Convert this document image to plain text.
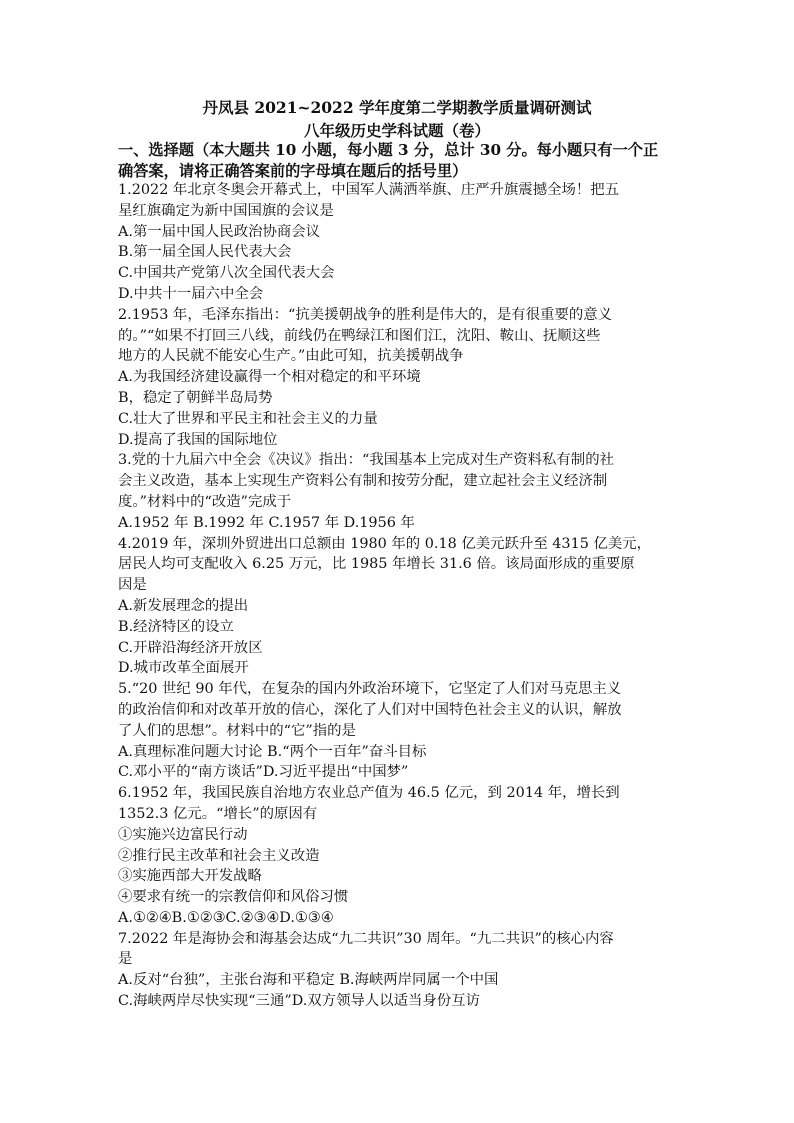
丹凤县 2021~2022 学年度第二学期教学质量调研测试
八年级历史学科试题（卷）
一、选择题（本大题共 10 小题，每小题 3 分，总计 30 分。每小题只有一个正
确答案，请将正确答案前的字母填在题后的括号里）
1.2022 年北京冬奥会开幕式上，中国军人满洒举旗、庄严升旗震撼全场！把五
星红旗确定为新中国国旗的会议是
A.第一届中国人民政治协商会议
B.第一届全国人民代表大会
C.中国共产党第八次全国代表大会
D.中共十一届六中全会
2.1953 年，毛泽东指出：“抗美援朝战争的胜利是伟大的，是有很重要的意义
的。”“如果不打回三八线，前线仍在鸭绿江和图们江，沈阳、鞍山、抚顺这些
地方的人民就不能安心生产。”由此可知，抗美援朝战争
A.为我国经济建设赢得一个相对稳定的和平环境
B，稳定了朝鲜半岛局势
C.壮大了世界和平民主和社会主义的力量
D.提高了我国的国际地位
3.党的十九届六中全会《决议》指出：“我国基本上完成对生产资料私有制的社
会主义改造，基本上实现生产资料公有制和按劳分配，建立起社会主义经济制
度。”材料中的“改造”完成于
A.1952 年 B.1992 年 C.1957 年 D.1956 年
4.2019 年，深圳外贸进出口总额由 1980 年的 0.18 亿美元跃升至 4315 亿美元，
居民人均可支配收入 6.25 万元，比 1985 年增长 31.6 倍。该局面形成的重要原
因是
A.新发展理念的提出
B.经济特区的设立
C.开辟沿海经济开放区
D.城市改革全面展开
5.“20 世纪 90 年代，在复杂的国内外政治环境下，它坚定了人们对马克思主义
的政治信仰和对改革开放的信心，深化了人们对中国特色社会主义的认识，解放
了人们的思想”。材料中的“它”指的是
A.真理标准问题大讨论 B.“两个一百年”奋斗目标
C.邓小平的“南方谈话”D.习近平提出“中国梦”
6.1952 年，我国民族自治地方农业总产值为 46.5 亿元，到 2014 年，增长到
1352.3 亿元。“增长”的原因有
①实施兴边富民行动
②推行民主改革和社会主义改造
③实施西部大开发战略
④要求有统一的宗教信仰和风俗习惯
A.①②④B.①②③C.②③④D.①③④
7.2022 年是海协会和海基会达成“九二共识”30 周年。“九二共识”的核心内容
是
A.反对“台独”，主张台海和平稳定 B.海峡两岸同属一个中国
C.海峡两岸尽快实现“三通”D.双方领导人以适当身份互访
